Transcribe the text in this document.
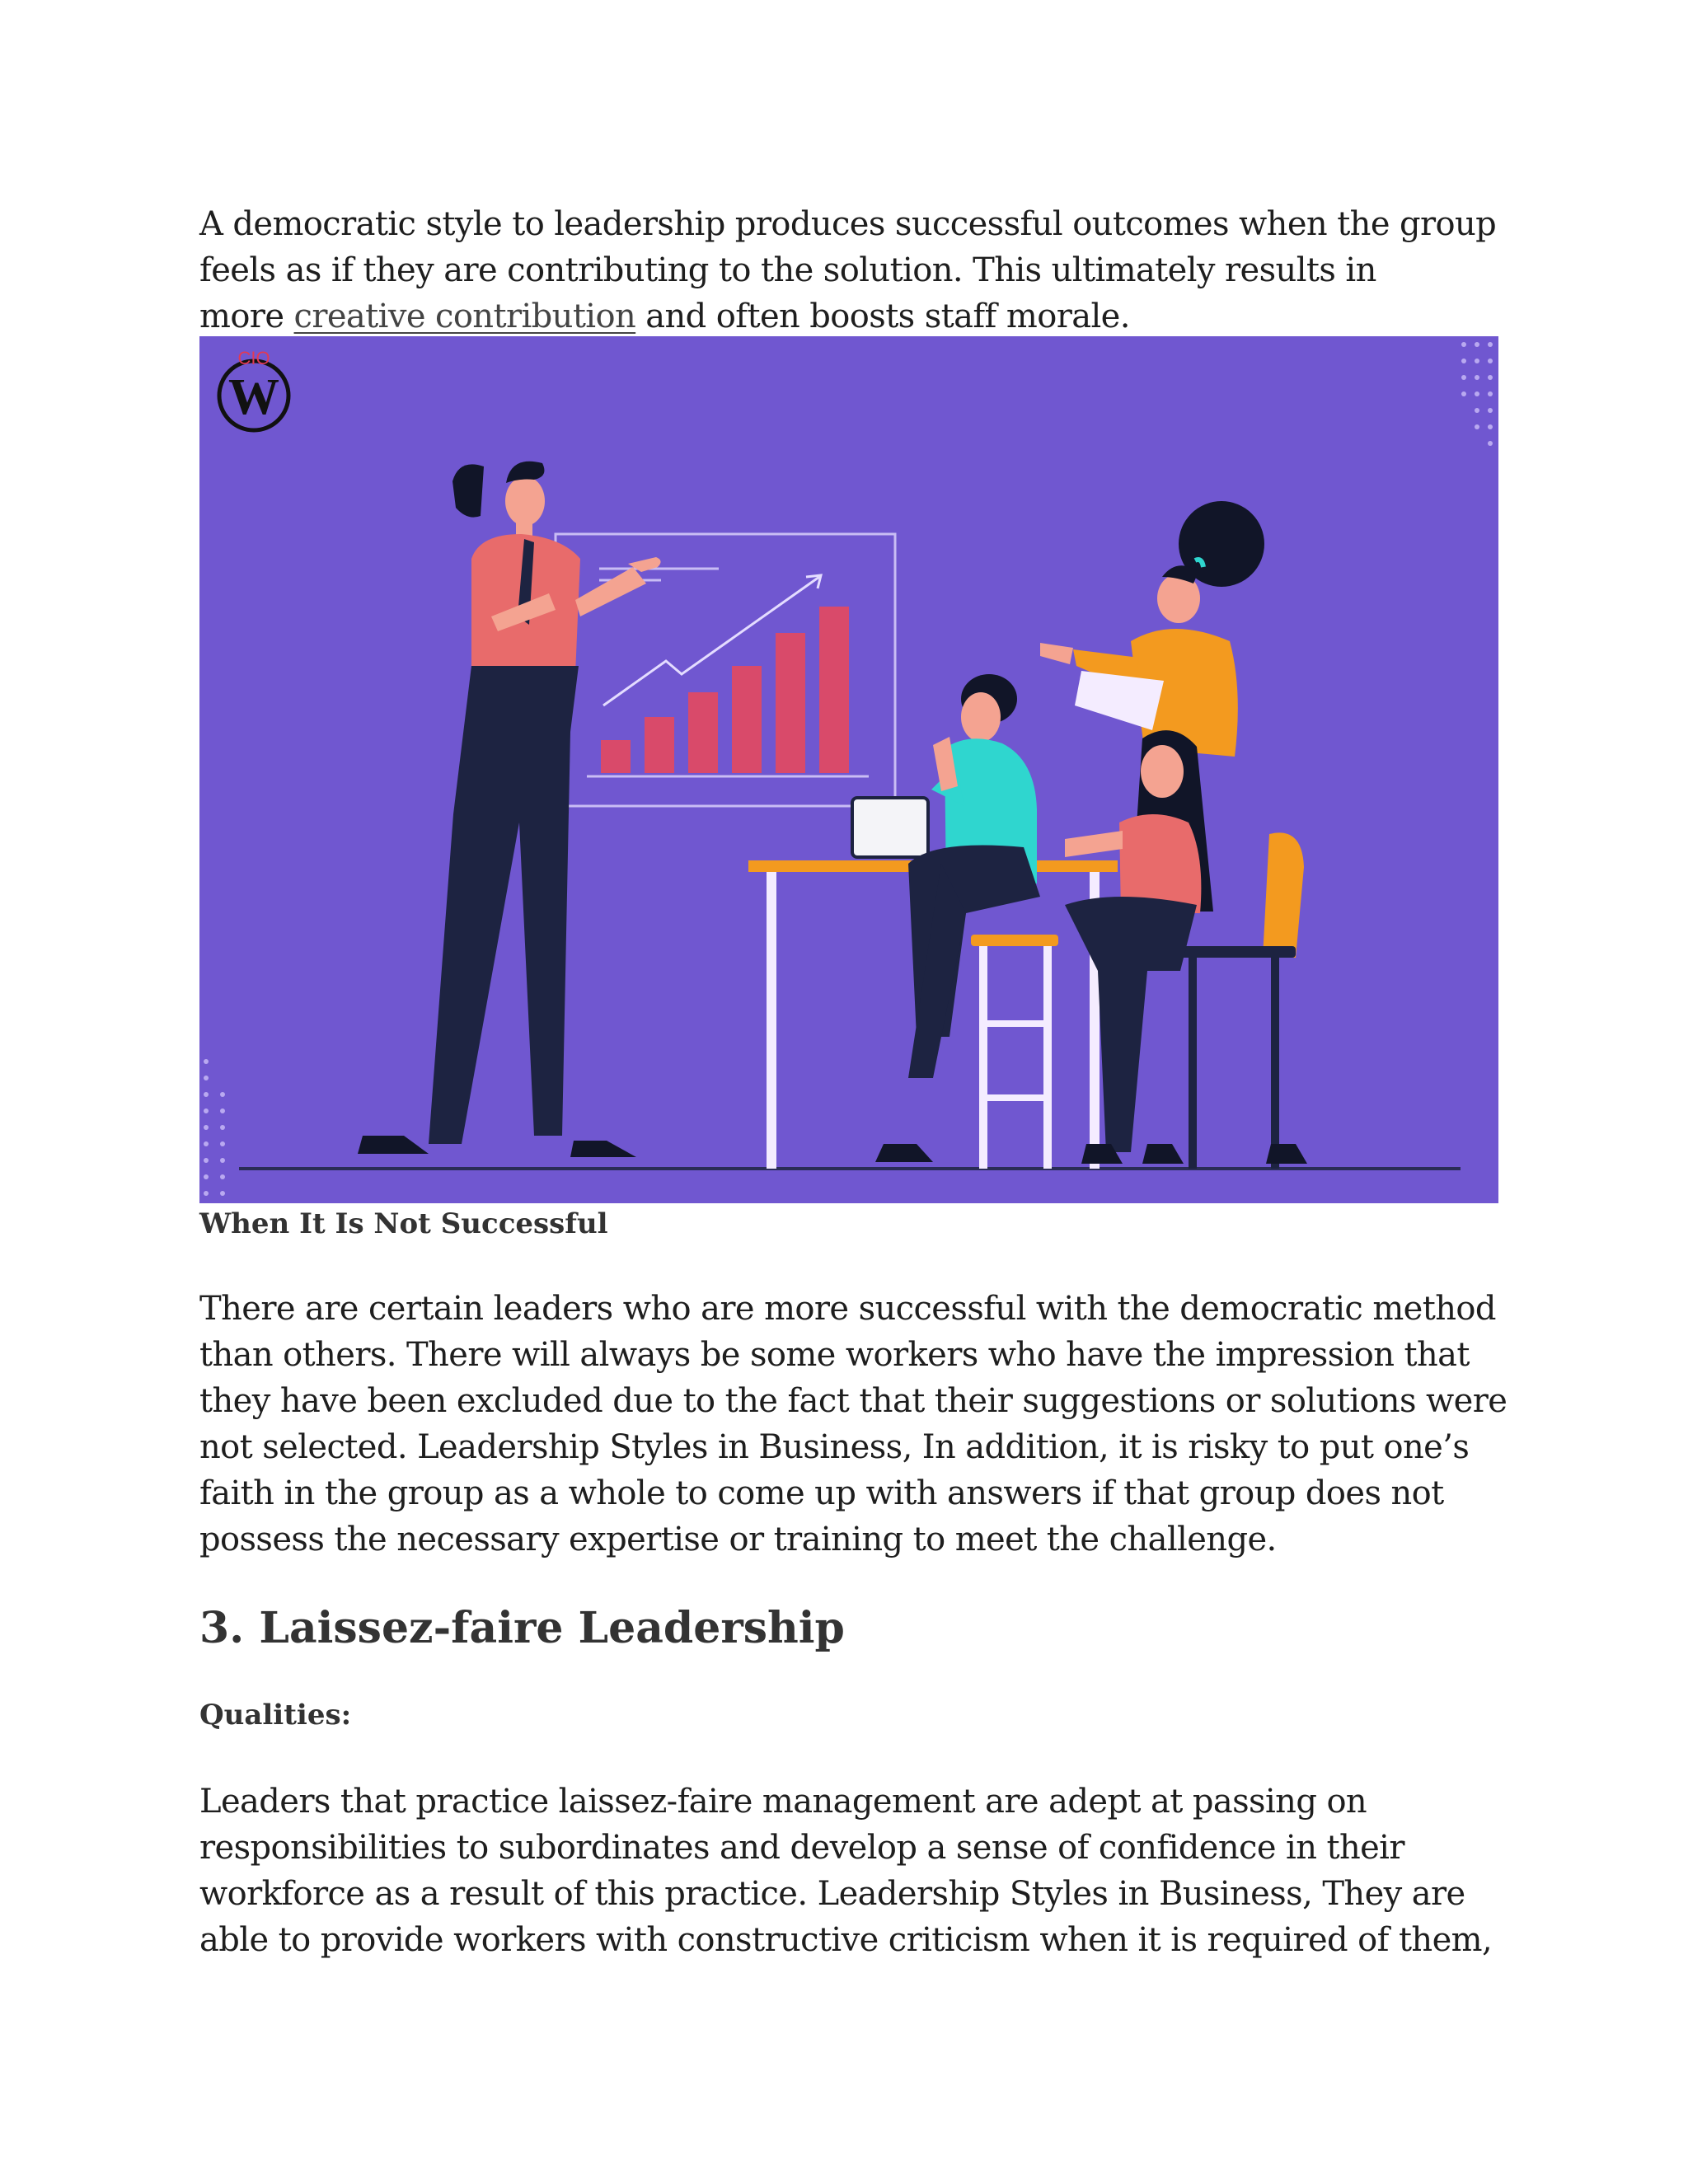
A democratic style to leadership produces successful outcomes when the group
feels as if they are contributing to the solution. This ultimately results in
more creative contribution and often boosts staff morale.
CIO
W
When It Is Not Successful
There are certain leaders who are more successful with the democratic method
than others. There will always be some workers who have the impression that
they have been excluded due to the fact that their suggestions or solutions were
not selected. Leadership Styles in Business, In addition, it is risky to put one’s
faith in the group as a whole to come up with answers if that group does not
possess the necessary expertise or training to meet the challenge.
3. Laissez-faire Leadership
Qualities:
Leaders that practice laissez-faire management are adept at passing on
responsibilities to subordinates and develop a sense of confidence in their
workforce as a result of this practice. Leadership Styles in Business, They are
able to provide workers with constructive criticism when it is required of them,
